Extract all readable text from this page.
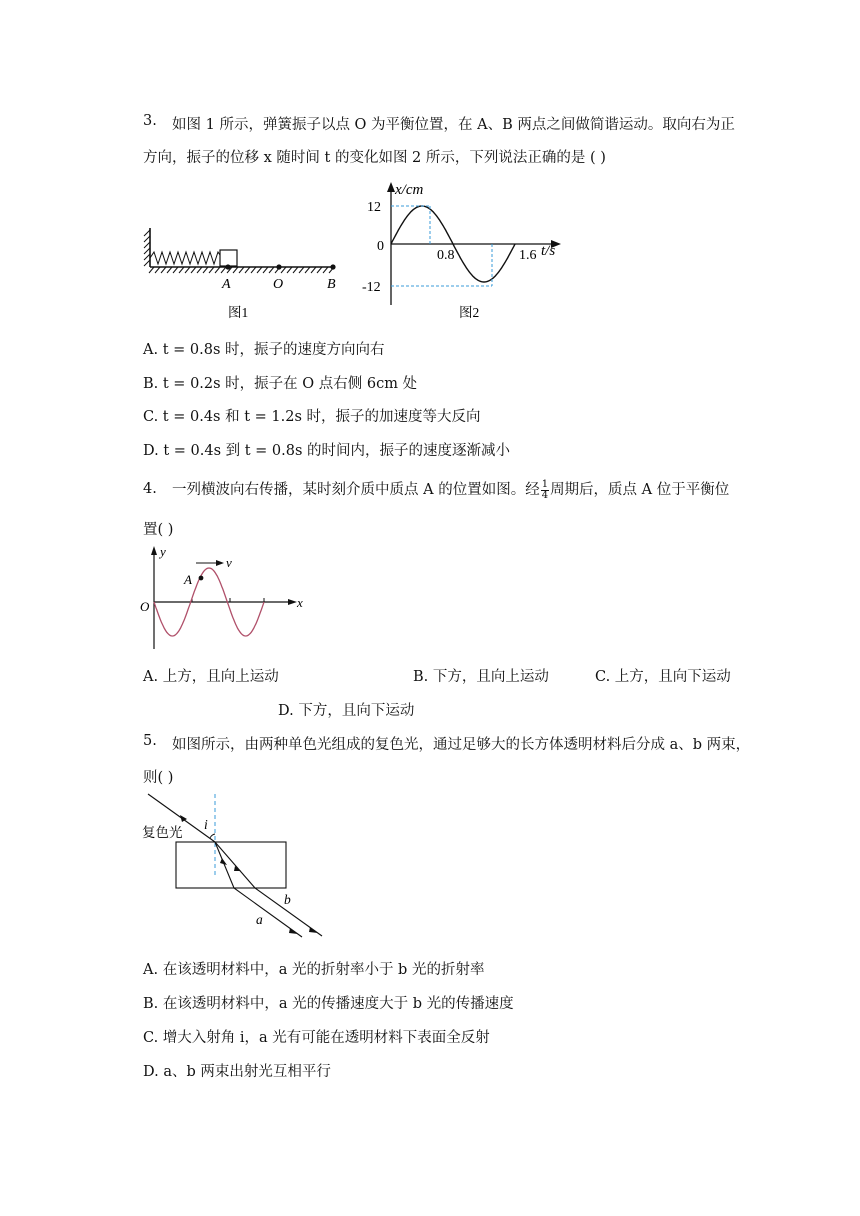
3. 如图 1 所示，弹簧振子以点 O 为平衡位置，在 A、B 两点之间做简谐运动。取向右为正
方向，振子的位移 x 随时间 t 的变化如图 2 所示，下列说法正确的是 ( )
A	O	B
图1
x/cm
t/s
12
0
-12
0.8	1.6
图2
A. t = 0.8s 时，振子的速度方向向右
B. t = 0.2s 时，振子在 O 点右侧 6cm 处
C. t = 0.4s 和 t = 1.2s 时，振子的加速度等大反向
D. t = 0.4s 到 t = 0.8s 的时间内，振子的速度逐渐减小
4. 一列横波向右传播，某时刻介质中质点 A 的位置如图。经 $\frac{1}{4}$ 周期后，质点 A 位于平衡位
置( )
y
x
O
A
v
A. 上方，且向上运动	B. 下方，且向上运动	C. 上方，且向下运动
D. 下方，且向下运动
5. 如图所示，由两种单色光组成的复色光，通过足够大的长方体透明材料后分成 a、b 两束，
则( )
复色光
i
a
b
A. 在该透明材料中，a 光的折射率小于 b 光的折射率
B. 在该透明材料中，a 光的传播速度大于 b 光的传播速度
C. 增大入射角 i，a 光有可能在透明材料下表面全反射
D. a、b 两束出射光互相平行
